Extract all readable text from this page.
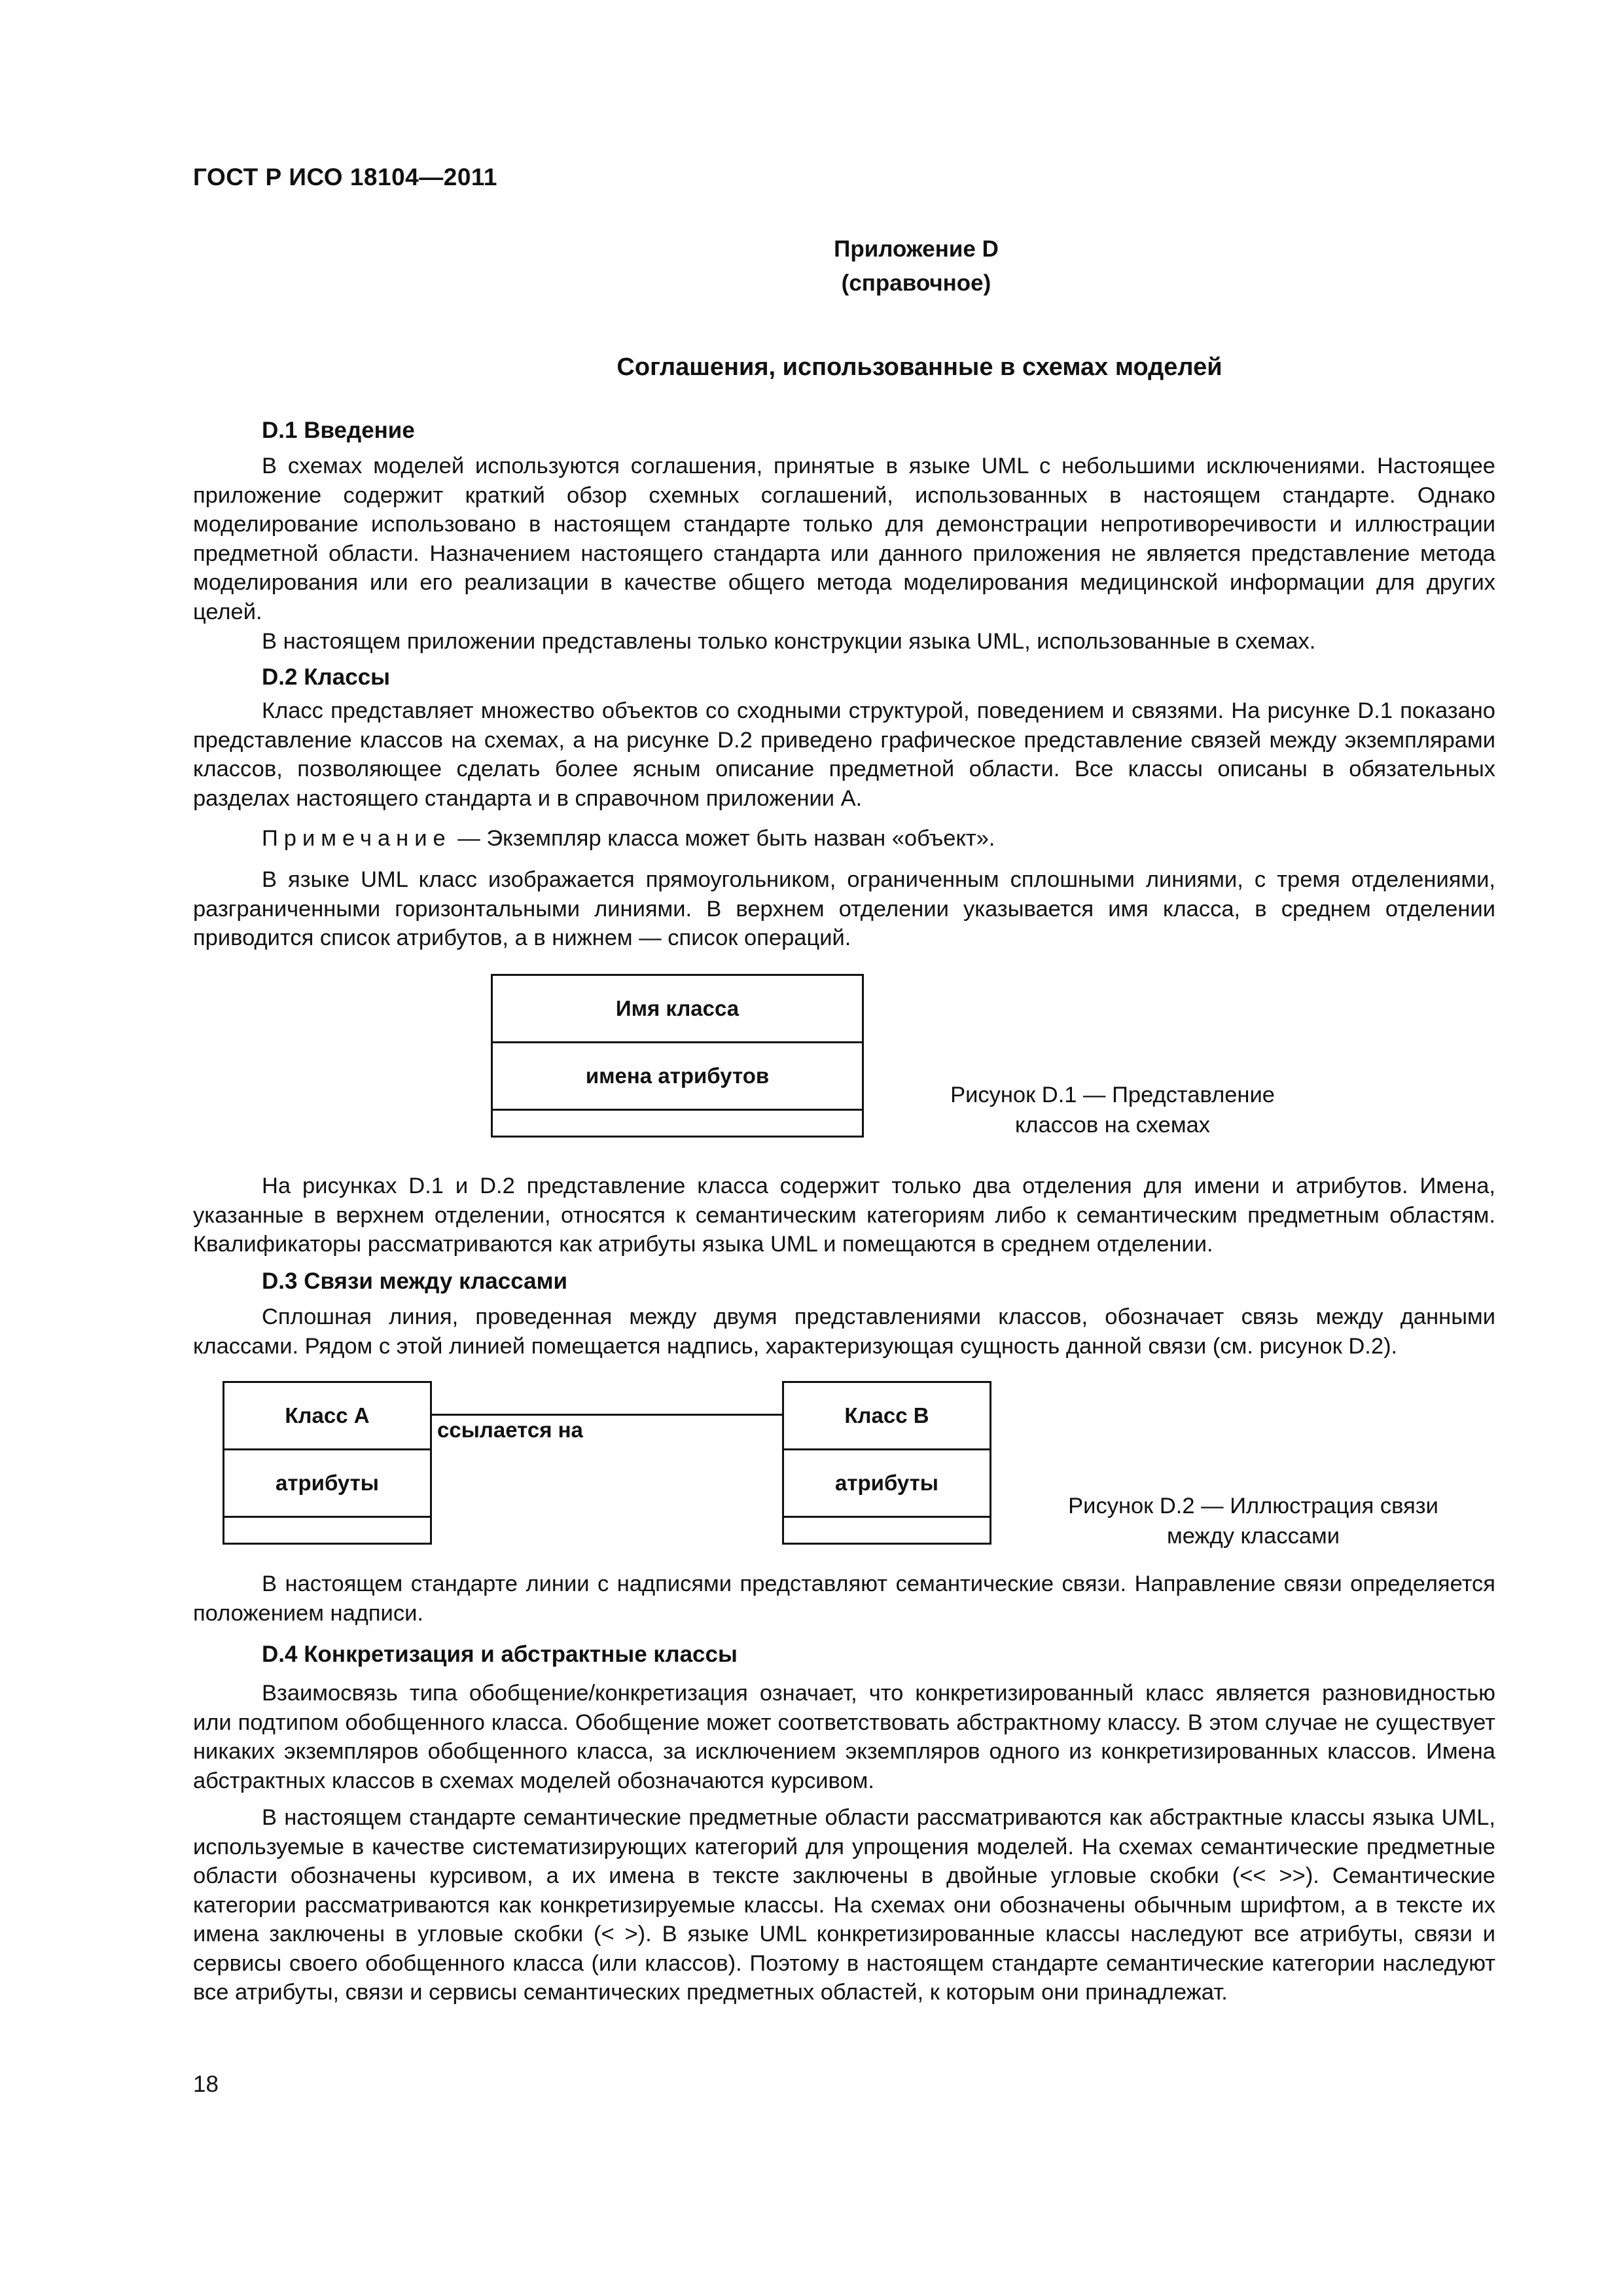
ГОСТ Р ИСО 18104—2011
Приложение D
(справочное)
Соглашения, использованные в схемах моделей
D.1 Введение

В схемах моделей используются соглашения, принятые в языке UML с небольшими исключениями. Настоящее приложение содержит краткий обзор схемных соглашений, использованных в настоящем стандарте. Однако моделирование использовано в настоящем стандарте только для демонстрации непротиворечивости и иллюстрации предметной области. Назначением настоящего стандарта или данного приложения не является представление метода моделирования или его реализации в качестве общего метода моделирования медицинской информации для других целей.

В настоящем приложении представлены только конструкции языка UML, использованные в схемах.

D.2 Классы

Класс представляет множество объектов со сходными структурой, поведением и связями. На рисунке D.1 показано представление классов на схемах, а на рисунке D.2 приведено графическое представление связей между экземплярами классов, позволяющее сделать более ясным описание предметной области. Все классы описаны в обязательных разделах настоящего стандарта и в справочном приложении А.

Примечание — Экземпляр класса может быть назван «объект».

В языке UML класс изображается прямоугольником, ограниченным сплошными линиями, с тремя отделениями, разграниченными горизонтальными линиями. В верхнем отделении указывается имя класса, в среднем отделении приводится список атрибутов, а в нижнем — список операций.

Имя класса
имена атрибутов
Рисунок D.1 — Представление
классов на схемах

На рисунках D.1 и D.2 представление класса содержит только два отделения для имени и атрибутов. Имена, указанные в верхнем отделении, относятся к семантическим категориям либо к семантическим предметным областям. Квалификаторы рассматриваются как атрибуты языка UML и помещаются в среднем отделении.

D.3 Связи между классами

Сплошная линия, проведенная между двумя представлениями классов, обозначает связь между данными классами. Рядом с этой линией помещается надпись, характеризующая сущность данной связи (см. рисунок D.2).

Класс А
атрибуты
ссылается на
Класс В
атрибуты
Рисунок D.2 — Иллюстрация связи
между классами

В настоящем стандарте линии с надписями представляют семантические связи. Направление связи определяется положением надписи.

D.4 Конкретизация и абстрактные классы

Взаимосвязь типа обобщение/конкретизация означает, что конкретизированный класс является разновидностью или подтипом обобщенного класса. Обобщение может соответствовать абстрактному классу. В этом случае не существует никаких экземпляров обобщенного класса, за исключением экземпляров одного из конкретизированных классов. Имена абстрактных классов в схемах моделей обозначаются курсивом.

В настоящем стандарте семантические предметные области рассматриваются как абстрактные классы языка UML, используемые в качестве систематизирующих категорий для упрощения моделей. На схемах семантические предметные области обозначены курсивом, а их имена в тексте заключены в двойные угловые скобки (<< >>). Семантические категории рассматриваются как конкретизируемые классы. На схемах они обозначены обычным шрифтом, а в тексте их имена заключены в угловые скобки (< >). В языке UML конкретизированные классы наследуют все атрибуты, связи и сервисы своего обобщенного класса (или классов). Поэтому в настоящем стандарте семантические категории наследуют все атрибуты, связи и сервисы семантических предметных областей, к которым они принадлежат.

18
